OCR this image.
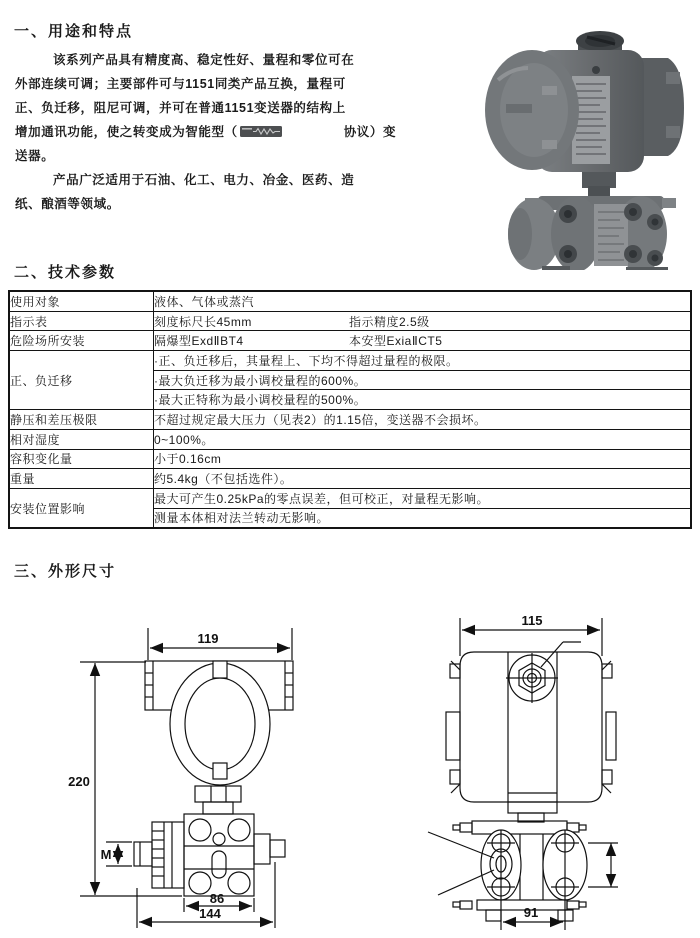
一、用途和特点
该系列产品具有精度高、稳定性好、量程和零位可在
外部连续可调；主要部件可与1151同类产品互换，量程可
正、负迁移，阻尼可调，并可在普通1151变送器的结构上
增加通讯功能，使之转变成为智能型（	协议）变
送器。
产品广泛适用于石油、化工、电力、冶金、医药、造
纸、酿酒等领域。
二、技术参数
使用对象	液体、气体或蒸汽
指示表	刻度标尺长45mm 指示精度2.5级
危险场所安装	隔爆型ExdⅡBT4 本安型ExiaⅡCT5
正、负迁移	·正、负迁移后，其量程上、下均不得超过量程的极限。
	·最大负迁移为最小调校量程的600%。
	·最大正特称为最小调校量程的500%。
静压和差压极限	不超过规定最大压力（见表2）的1.15倍，变送器不会损坏。
相对湿度	0~100%。
容积变化量	小于0.16cm
重量	约5.4kg（不包括选件）。
安装位置影响	最大可产生0.25kPa的零点误差，但可校正，对量程无影响。
	测量本体相对法兰转动无影响。
三、外形尺寸
119
220
M
86
144
115
91
